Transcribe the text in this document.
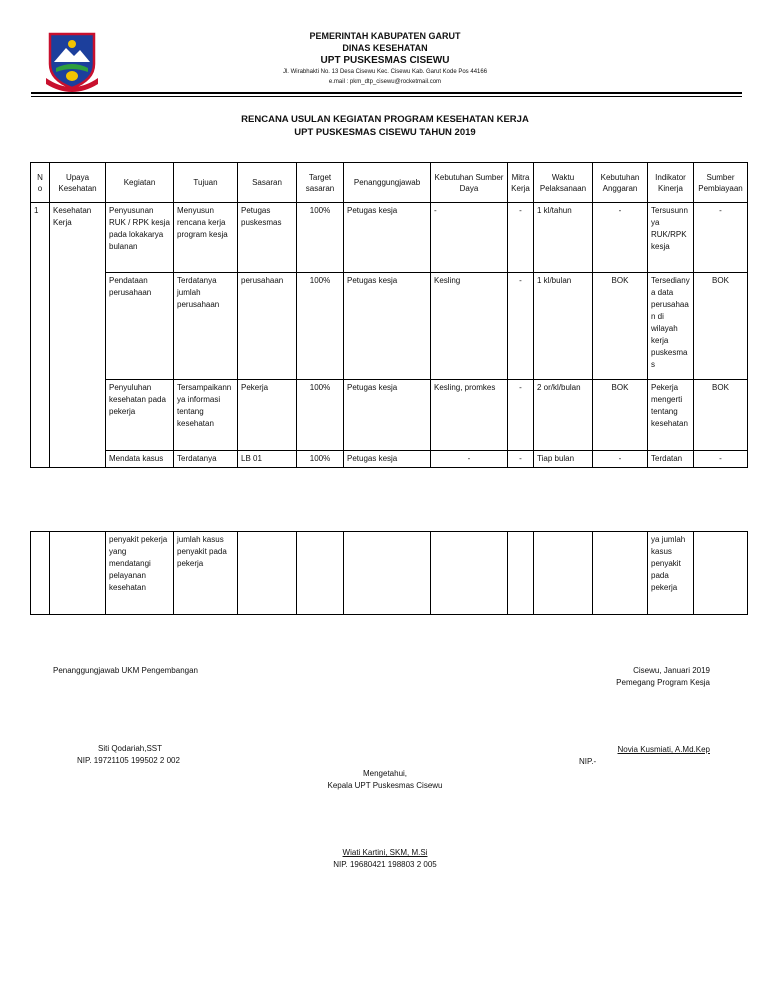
PEMERINTAH KABUPATEN GARUT
DINAS KESEHATAN
UPT PUSKESMAS CISEWU
Jl. Wirabhakti No. 13 Desa Cisewu Kec. Cisewu Kab. Garut Kode Pos 44166
e.mail : pkm_dtp_cisewu@rocketmail.com
RENCANA USULAN KEGIATAN PROGRAM KESEHATAN KERJA
UPT PUSKESMAS CISEWU TAHUN 2019
N o	Upaya Kesehatan	Kegiatan	Tujuan	Sasaran	Target sasaran	Penanggungjawab	Kebutuhan Sumber Daya	Mitra Kerja	Waktu Pelaksanaan	Kebutuhan Anggaran	Indikator Kinerja	Sumber Pembiayaan
1	Kesehatan Kerja	Penyusunan RUK / RPK kesja pada lokakarya bulanan	Menyusun rencana kerja program kesja	Petugas puskesmas	100%	Petugas kesja	-	-	1 kl/tahun	-	Tersusunnya RUK/RPK kesja	-
		Pendataan perusahaan	Terdatanya jumlah perusahaan	perusahaan	100%	Petugas kesja	Kesling	-	1 kl/bulan	BOK	Tersedianya data perusahaan di wilayah kerja puskesmas	BOK
		Penyuluhan kesehatan pada pekerja	Tersampaikannya informasi tentang kesehatan	Pekerja	100%	Petugas kesja	Kesling, promkes	-	2 or/kl/bulan	BOK	Pekerja mengerti tentang kesehatan	BOK
		Mendata kasus	Terdatanya	LB 01	100%	Petugas kesja	-	-	Tiap bulan	-	Terdatan	-
		penyakit pekerja yang mendatangi pelayanan kesehatan	jumlah kasus penyakit pada pekerja								ya jumlah kasus penyakit pada pekerja	
Penanggungjawab UKM Pengembangan	Cisewu, Januari 2019
Pemegang Program Kesja
Siti Qodariah,SST
NIP. 19721105 199502 2 002
Novia Kusmiati, A.Md.Kep
NIP.-
Mengetahui,
Kepala UPT Puskesmas Cisewu
Wiati Kartini, SKM, M.Si
NIP. 19680421 198803 2 005
